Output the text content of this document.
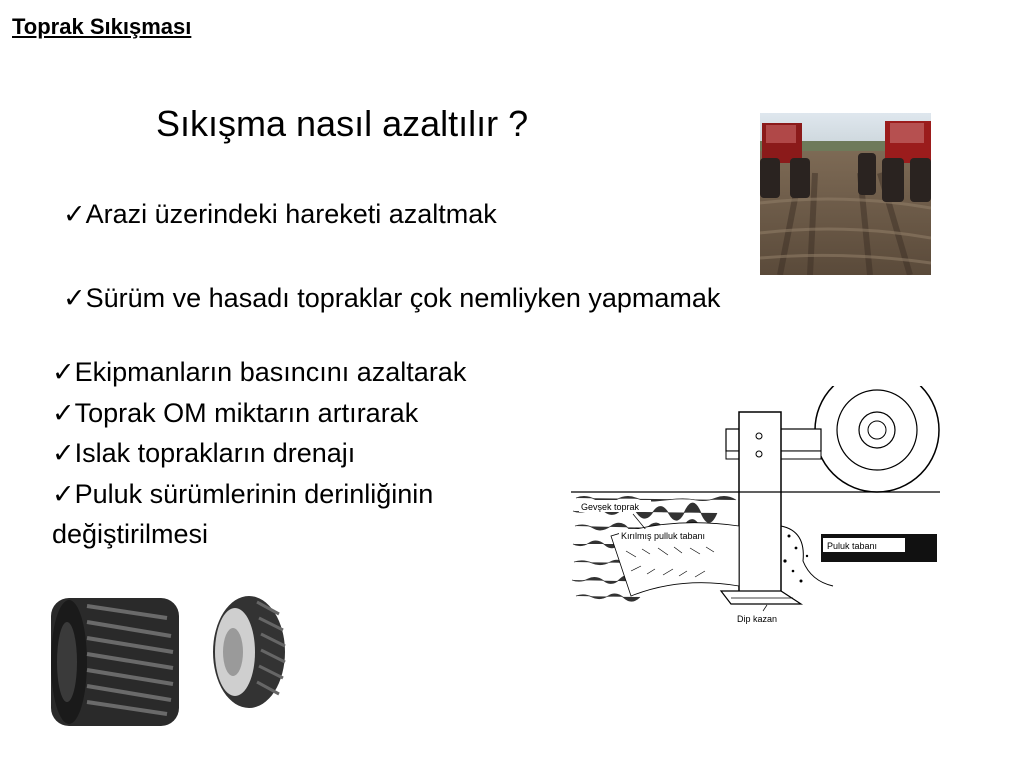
Toprak Sıkışması
Sıkışma nasıl azaltılır ?
✓Arazi üzerindeki hareketi azaltmak
✓Sürüm ve hasadı topraklar çok nemliyken yapmamak
✓Ekipmanların basıncını azaltarak
✓Toprak OM miktarın artırarak
✓Islak toprakların drenajı
✓Puluk sürümlerinin derinliğinin
değiştirilmesi
Gevşek toprak
Kırılmış pulluk tabanı
Puluk tabanı
Dip kazan
